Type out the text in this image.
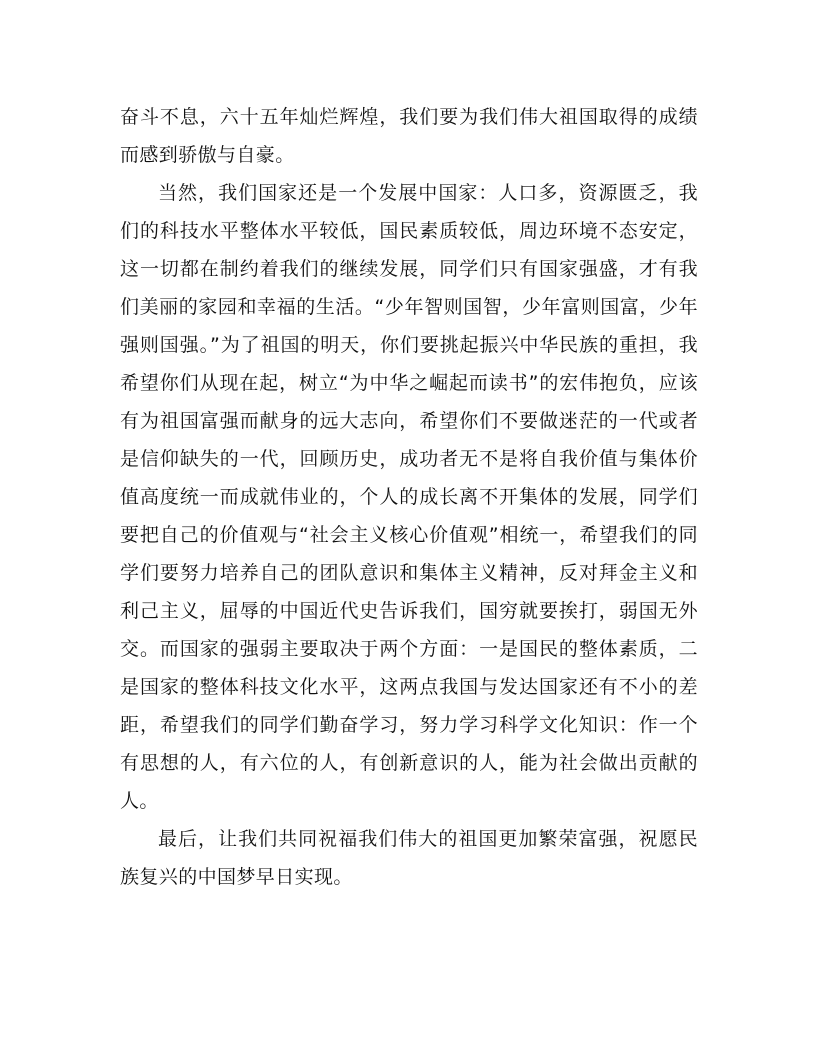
奋斗不息，六十五年灿烂辉煌，我们要为我们伟大祖国取得的成绩而感到骄傲与自豪。

当然，我们国家还是一个发展中国家：人口多，资源匮乏，我们的科技水平整体水平较低，国民素质较低，周边环境不态安定，这一切都在制约着我们的继续发展，同学们只有国家强盛，才有我们美丽的家园和幸福的生活。“少年智则国智，少年富则国富，少年强则国强。”为了祖国的明天，你们要挑起振兴中华民族的重担，我希望你们从现在起，树立“为中华之崛起而读书”的宏伟抱负，应该有为祖国富强而献身的远大志向，希望你们不要做迷茫的一代或者是信仰缺失的一代，回顾历史，成功者无不是将自我价值与集体价值高度统一而成就伟业的，个人的成长离不开集体的发展，同学们要把自己的价值观与“社会主义核心价值观”相统一，希望我们的同学们要努力培养自己的团队意识和集体主义精神，反对拜金主义和利己主义，屈辱的中国近代史告诉我们，国穷就要挨打，弱国无外交。而国家的强弱主要取决于两个方面：一是国民的整体素质，二是国家的整体科技文化水平，这两点我国与发达国家还有不小的差距，希望我们的同学们勤奋学习，努力学习科学文化知识：作一个有思想的人，有六位的人，有创新意识的人，能为社会做出贡献的人。

最后，让我们共同祝福我们伟大的祖国更加繁荣富强，祝愿民族复兴的中国梦早日实现。
